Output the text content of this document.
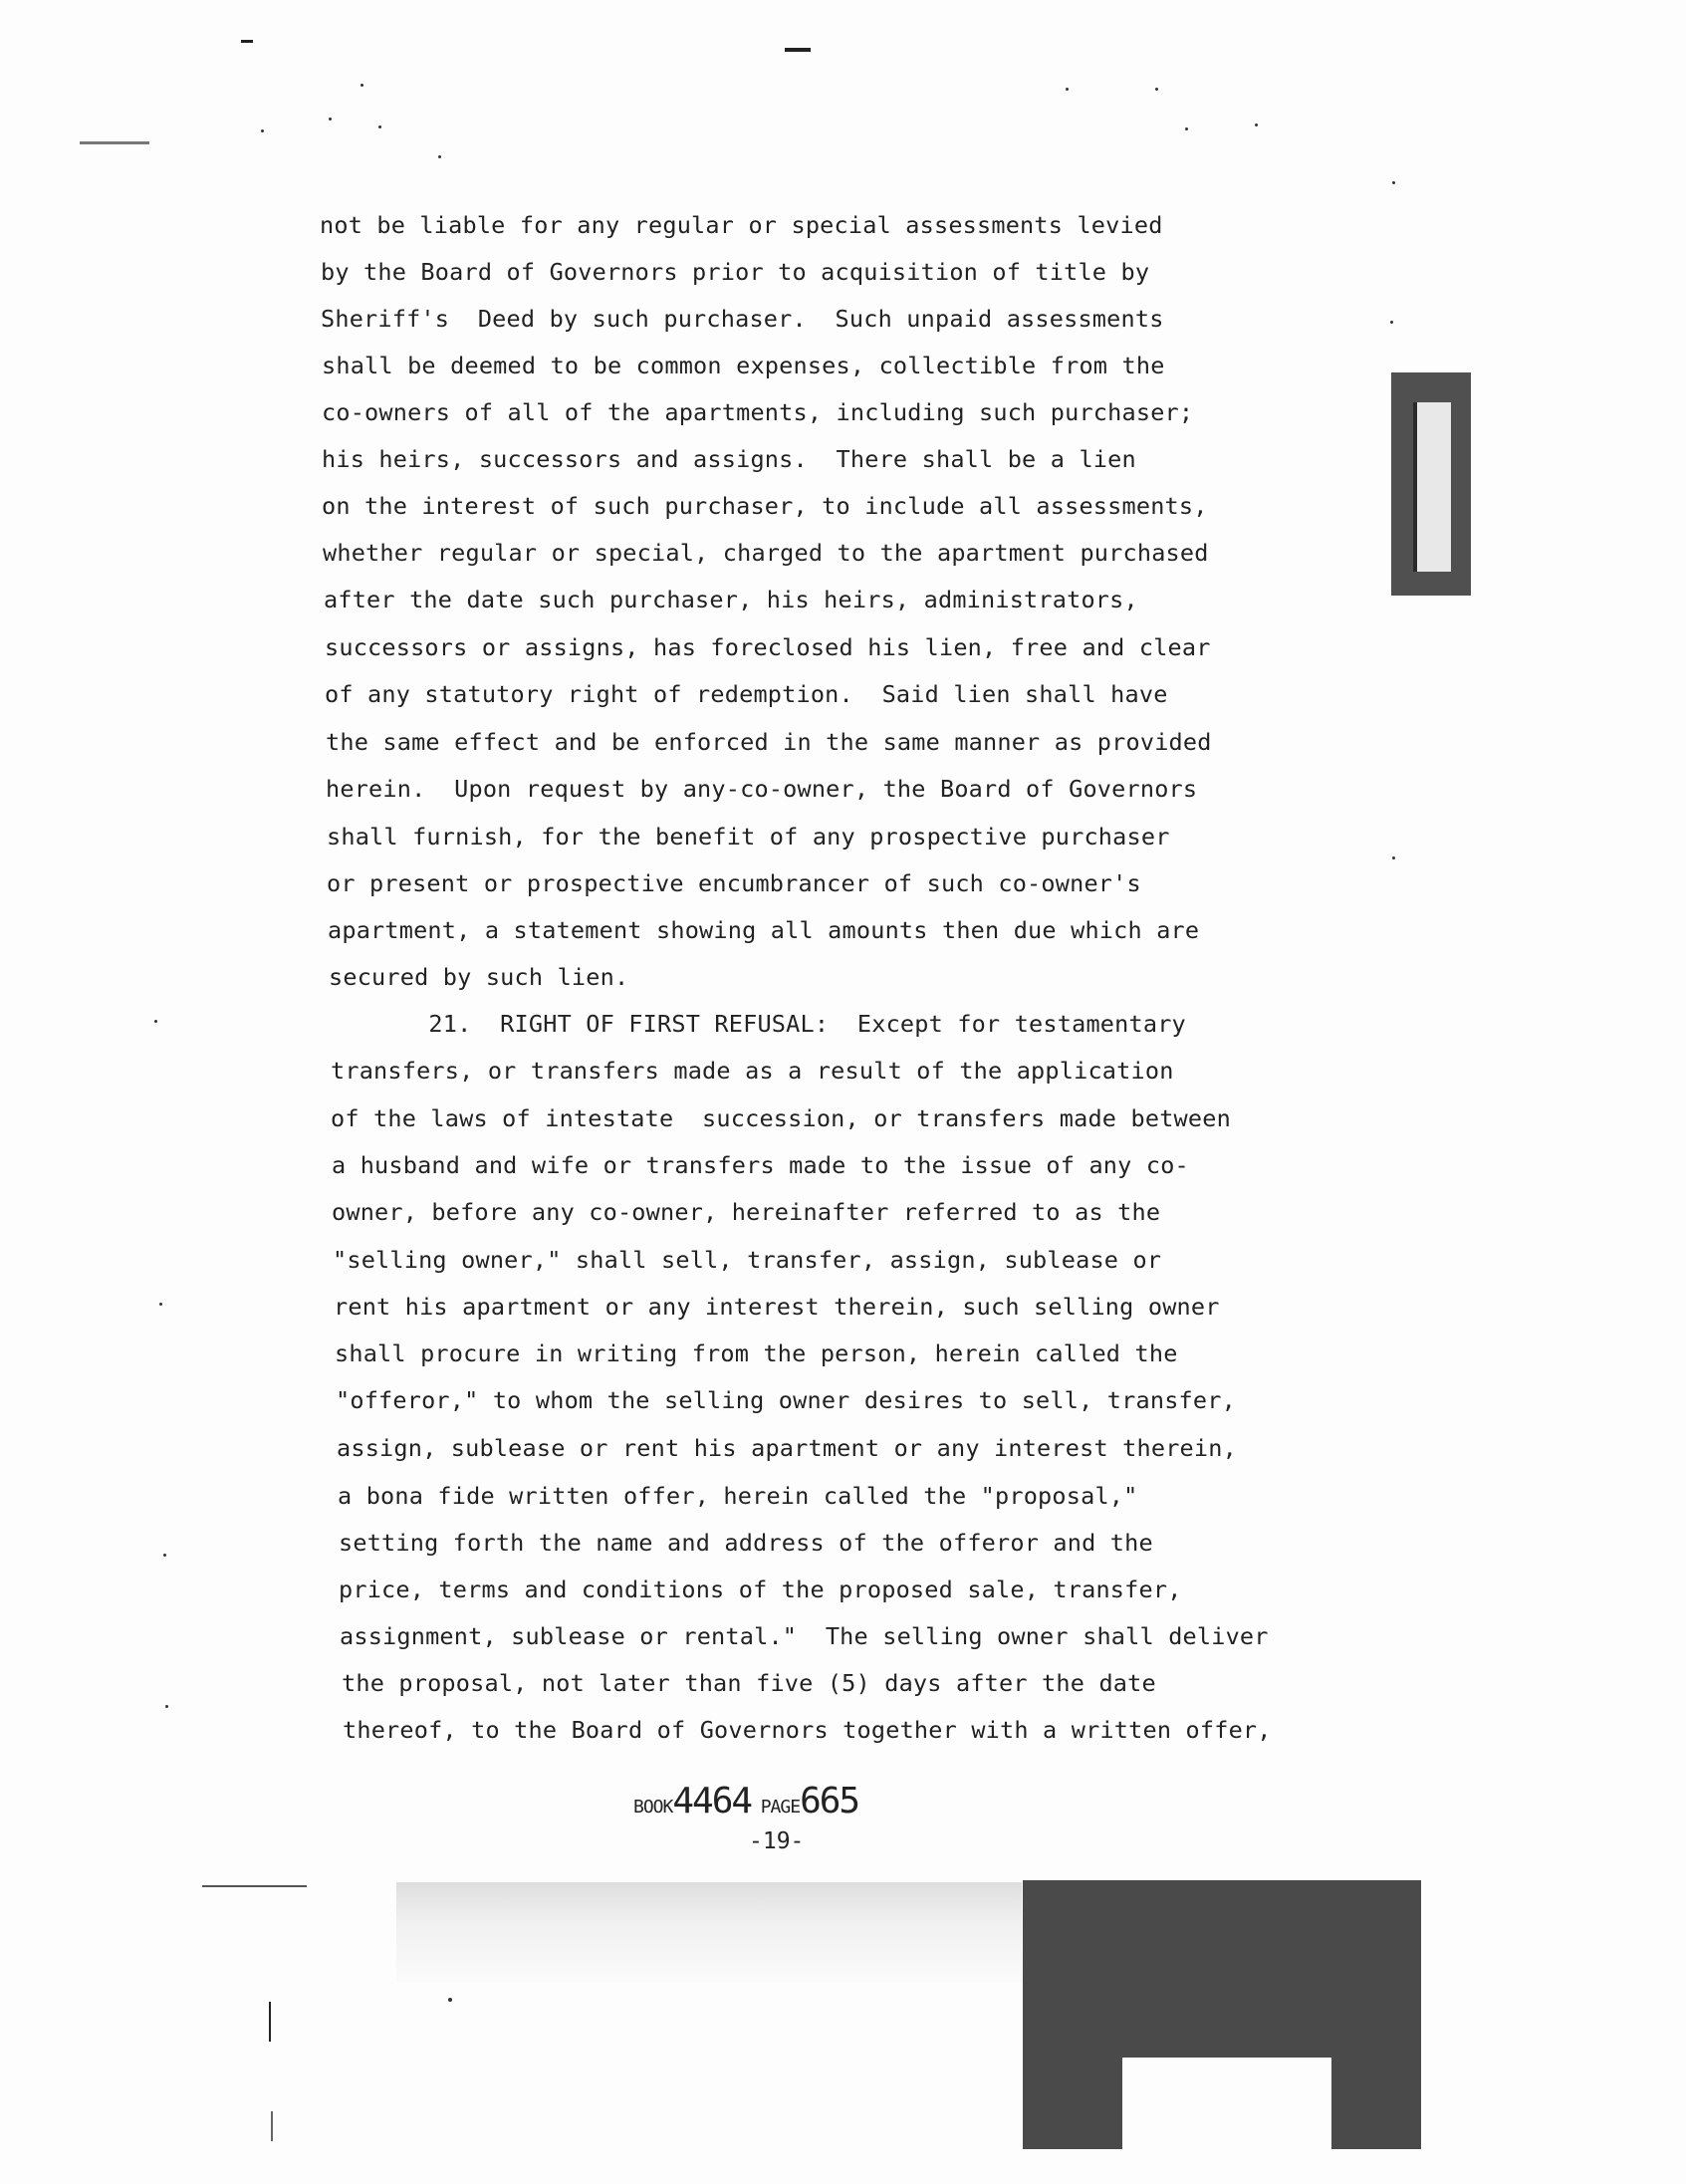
not be liable for any regular or special assessments levied
by the Board of Governors prior to acquisition of title by
Sheriff's  Deed by such purchaser.  Such unpaid assessments
shall be deemed to be common expenses, collectible from the
co-owners of all of the apartments, including such purchaser;
his heirs, successors and assigns.  There shall be a lien
on the interest of such purchaser, to include all assessments,
whether regular or special, charged to the apartment purchased
after the date such purchaser, his heirs, administrators,
successors or assigns, has foreclosed his lien, free and clear
of any statutory right of redemption.  Said lien shall have
the same effect and be enforced in the same manner as provided
herein.  Upon request by any-co-owner, the Board of Governors
shall furnish, for the benefit of any prospective purchaser
or present or prospective encumbrancer of such co-owner's
apartment, a statement showing all amounts then due which are
secured by such lien.
21.  RIGHT OF FIRST REFUSAL:  Except for testamentary
transfers, or transfers made as a result of the application
of the laws of intestate  succession, or transfers made between
a husband and wife or transfers made to the issue of any co-
owner, before any co-owner, hereinafter referred to as the
"selling owner," shall sell, transfer, assign, sublease or
rent his apartment or any interest therein, such selling owner
shall procure in writing from the person, herein called the
"offeror," to whom the selling owner desires to sell, transfer,
assign, sublease or rent his apartment or any interest therein,
a bona fide written offer, herein called the "proposal,"
setting forth the name and address of the offeror and the
price, terms and conditions of the proposed sale, transfer,
assignment, sublease or rental."  The selling owner shall deliver
the proposal, not later than five (5) days after the date
thereof, to the Board of Governors together with a written offer,
BOOK4464 PAGE665
-19-
